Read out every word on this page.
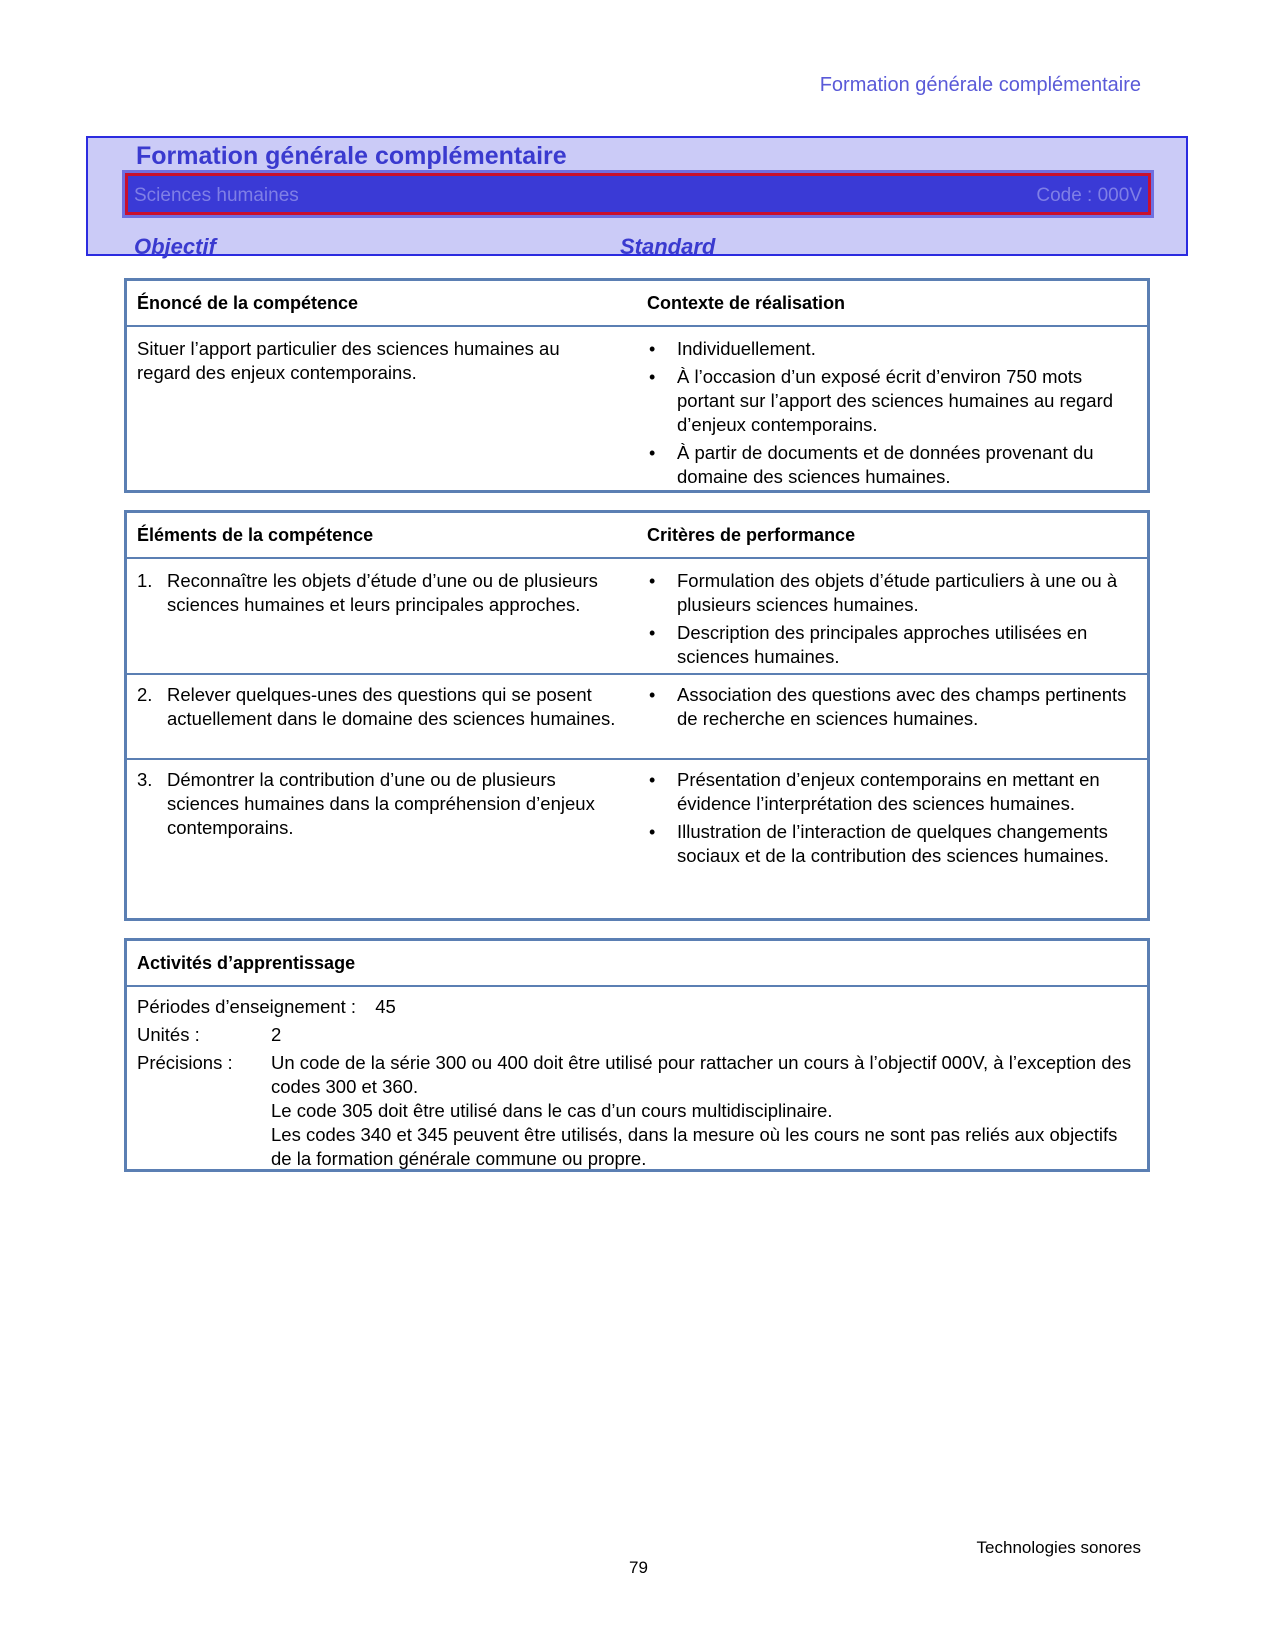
Formation générale complémentaire
Formation générale complémentaire
Sciences humaines	Code : 000V
Objectif	Standard
Énoncé de la compétence	Contexte de réalisation
Situer l’apport particulier des sciences humaines au regard des enjeux contemporains.
• Individuellement.
• À l’occasion d’un exposé écrit d’environ 750 mots portant sur l’apport des sciences humaines au regard d’enjeux contemporains.
• À partir de documents et de données provenant du domaine des sciences humaines.
Éléments de la compétence	Critères de performance
1. Reconnaître les objets d’étude d’une ou de plusieurs sciences humaines et leurs principales approches.
• Formulation des objets d’étude particuliers à une ou à plusieurs sciences humaines.
• Description des principales approches utilisées en sciences humaines.
2. Relever quelques-unes des questions qui se posent actuellement dans le domaine des sciences humaines.
• Association des questions avec des champs pertinents de recherche en sciences humaines.
3. Démontrer la contribution d’une ou de plusieurs sciences humaines dans la compréhension d’enjeux contemporains.
• Présentation d’enjeux contemporains en mettant en évidence l’interprétation des sciences humaines.
• Illustration de l’interaction de quelques changements sociaux et de la contribution des sciences humaines.
Activités d’apprentissage
Périodes d’enseignement : 45
Unités :	2
Précisions : Un code de la série 300 ou 400 doit être utilisé pour rattacher un cours à l’objectif 000V, à l’exception des codes 300 et 360.

Le code 305 doit être utilisé dans le cas d’un cours multidisciplinaire.

Les codes 340 et 345 peuvent être utilisés, dans la mesure où les cours ne sont pas reliés aux objectifs de la formation générale commune ou propre.

Technologies sonores
79
